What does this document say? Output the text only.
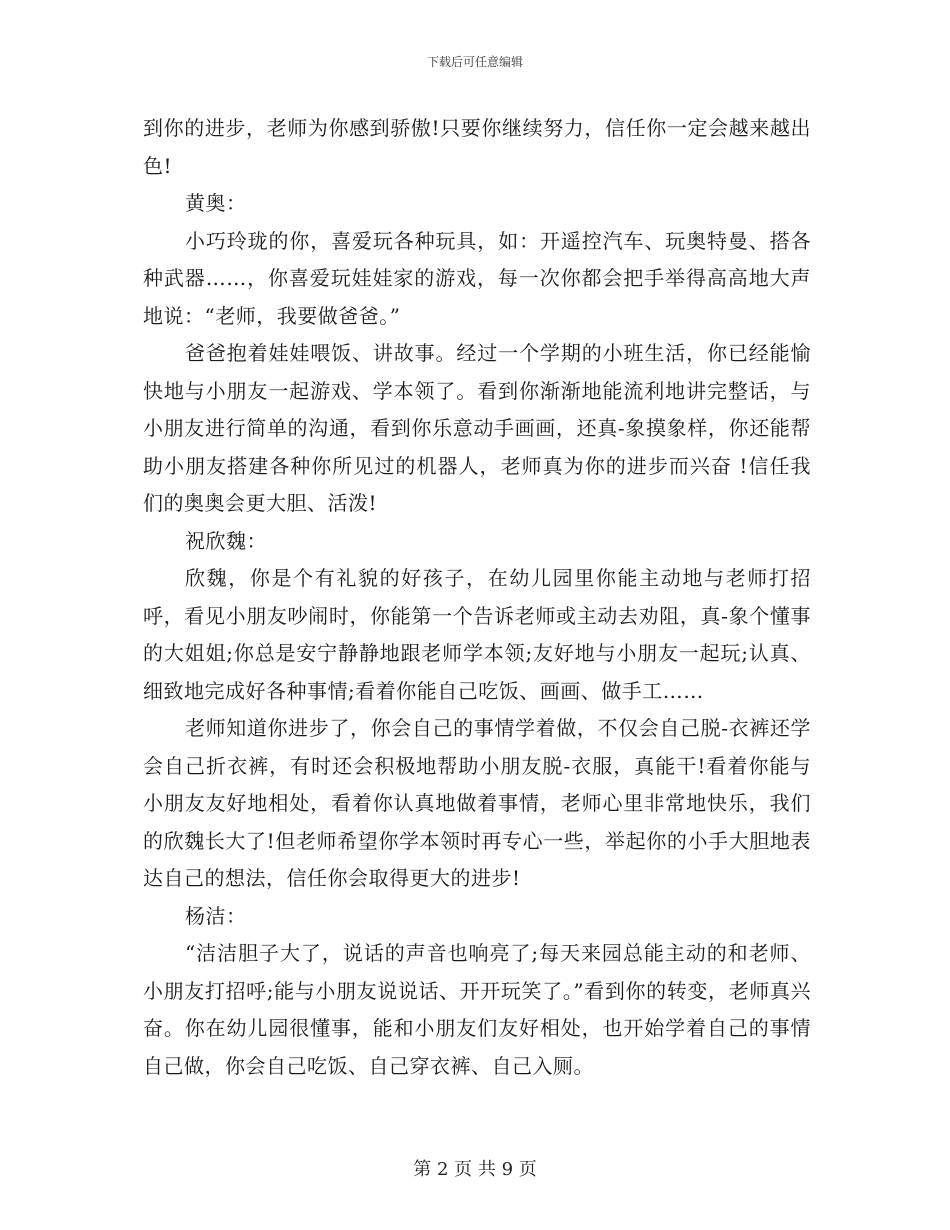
下载后可任意编辑

到你的进步，老师为你感到骄傲!只要你继续努力，信任你一定会越来越出色!

黄奥：

小巧玲珑的你，喜爱玩各种玩具，如：开遥控汽车、玩奥特曼、搭各种武器……，你喜爱玩娃娃家的游戏，每一次你都会把手举得高高地大声地说：“老师，我要做爸爸。”

爸爸抱着娃娃喂饭、讲故事。经过一个学期的小班生活，你已经能愉快地与小朋友一起游戏、学本领了。看到你渐渐地能流利地讲完整话，与小朋友进行简单的沟通，看到你乐意动手画画，还真-象摸象样，你还能帮助小朋友搭建各种你所见过的机器人，老师真为你的进步而兴奋 !信任我们的奥奥会更大胆、活泼!

祝欣魏：

欣魏，你是个有礼貌的好孩子，在幼儿园里你能主动地与老师打招呼，看见小朋友吵闹时，你能第一个告诉老师或主动去劝阻，真-象个懂事的大姐姐;你总是安宁静静地跟老师学本领;友好地与小朋友一起玩;认真、细致地完成好各种事情;看着你能自己吃饭、画画、做手工……

老师知道你进步了，你会自己的事情学着做，不仅会自己脱-衣裤还学会自己折衣裤，有时还会积极地帮助小朋友脱-衣服，真能干!看着你能与小朋友友好地相处，看着你认真地做着事情，老师心里非常地快乐，我们的欣魏长大了!但老师希望你学本领时再专心一些，举起你的小手大胆地表达自己的想法，信任你会取得更大的进步!

杨洁：

“洁洁胆子大了，说话的声音也响亮了;每天来园总能主动的和老师、小朋友打招呼;能与小朋友说说话、开开玩笑了。”看到你的转变，老师真兴奋。你在幼儿园很懂事，能和小朋友们友好相处，也开始学着自己的事情自己做，你会自己吃饭、自己穿衣裤、自己入厕。

第 2 页 共 9 页
